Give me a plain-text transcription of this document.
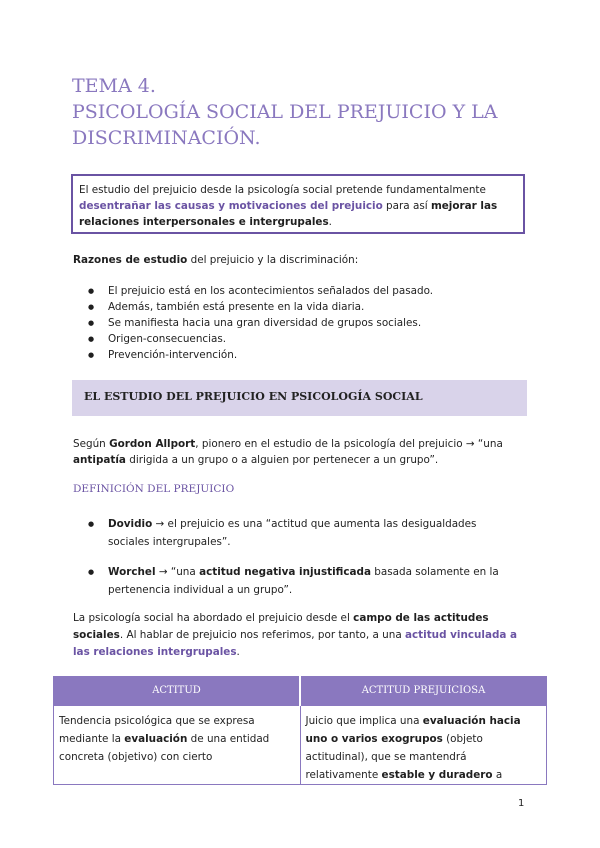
TEMA 4.
PSICOLOGÍA SOCIAL DEL PREJUICIO Y LA
DISCRIMINACIÓN.
El estudio del prejuicio desde la psicología social pretende fundamentalmente desentrañar las causas y motivaciones del prejuicio para así mejorar las relaciones interpersonales e intergrupales.

Razones de estudio del prejuicio y la discriminación:

● El prejuicio está en los acontecimientos señalados del pasado.
● Además, también está presente en la vida diaria.
● Se manifiesta hacia una gran diversidad de grupos sociales.
● Origen-consecuencias.
● Prevención-intervención.
EL ESTUDIO DEL PREJUICIO EN PSICOLOGÍA SOCIAL

Según Gordon Allport, pionero en el estudio de la psicología del prejuicio → “una antipatía dirigida a un grupo o a alguien por pertenecer a un grupo”.

DEFINICIÓN DEL PREJUICIO
● Dovidio → el prejuicio es una “actitud que aumenta las desigualdades sociales intergrupales”.
● Worchel → “una actitud negativa injustificada basada solamente en la pertenencia individual a un grupo”.

La psicología social ha abordado el prejuicio desde el campo de las actitudes sociales. Al hablar de prejuicio nos referimos, por tanto, a una actitud vinculada a las relaciones intergrupales.

ACTITUD	ACTITUD PREJUICIOSA
Tendencia psicológica que se expresa mediante la evaluación de una entidad concreta (objetivo) con cierto	Juicio que implica una evaluación hacia uno o varios exogrupos (objeto actitudinal), que se mantendrá relativamente estable y duradero a
1
